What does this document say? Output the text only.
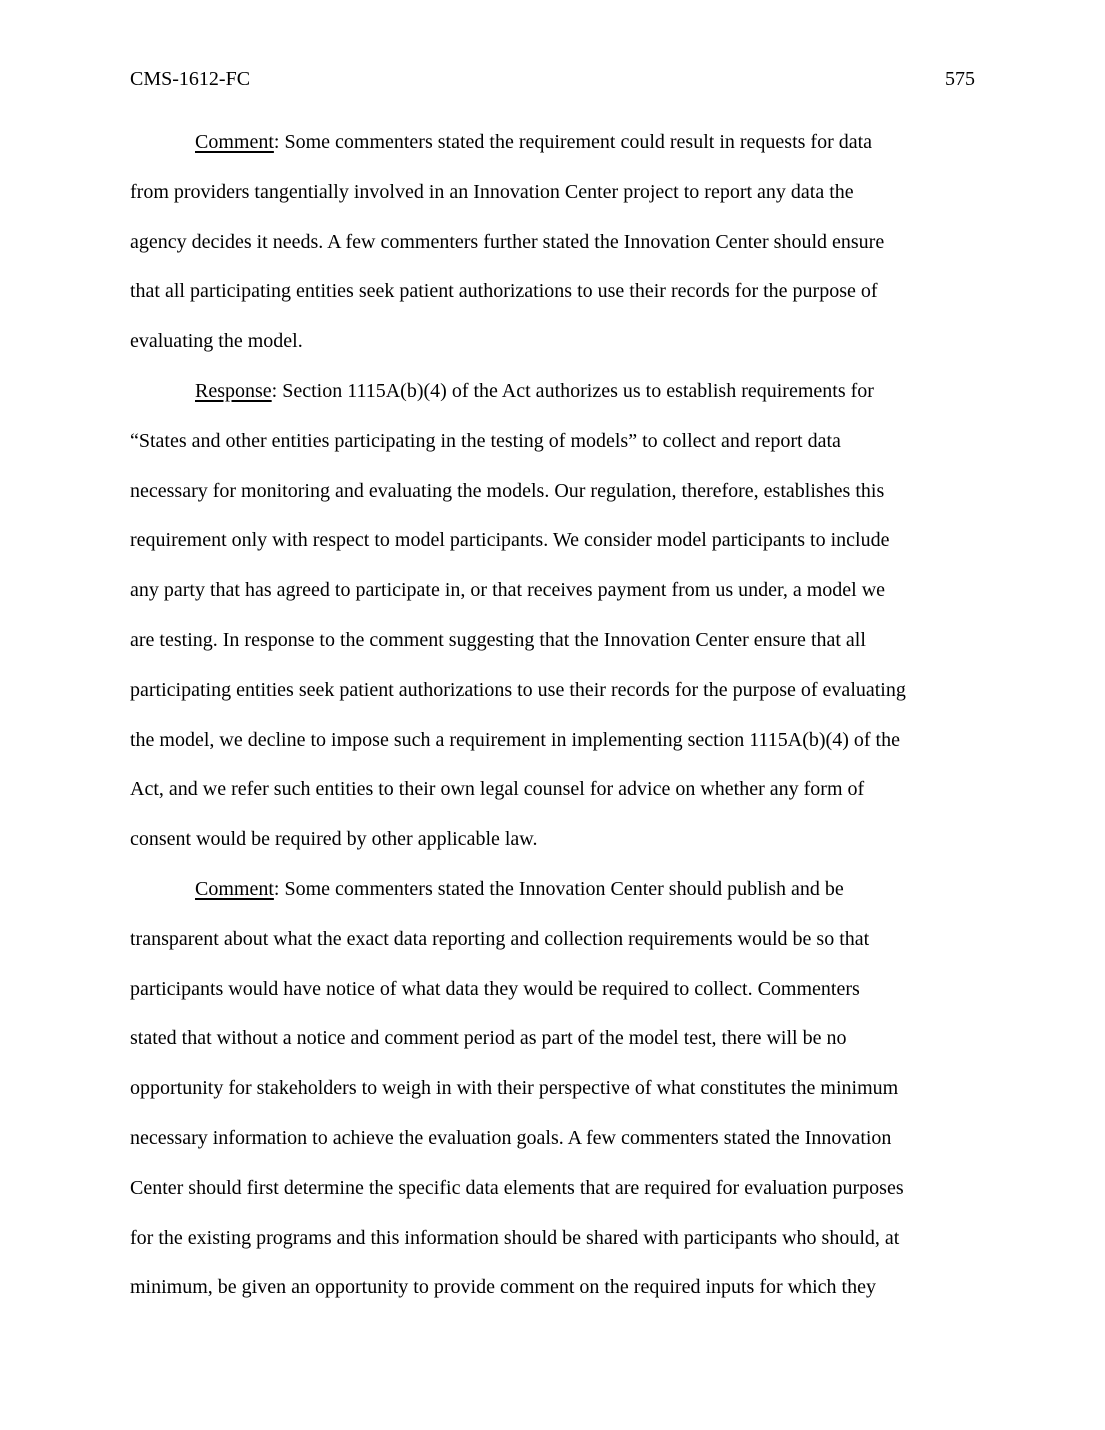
CMS-1612-FC	575

Comment: Some commenters stated the requirement could result in requests for data
from providers tangentially involved in an Innovation Center project to report any data the
agency decides it needs. A few commenters further stated the Innovation Center should ensure
that all participating entities seek patient authorizations to use their records for the purpose of
evaluating the model.

Response: Section 1115A(b)(4) of the Act authorizes us to establish requirements for
“States and other entities participating in the testing of models” to collect and report data
necessary for monitoring and evaluating the models. Our regulation, therefore, establishes this
requirement only with respect to model participants. We consider model participants to include
any party that has agreed to participate in, or that receives payment from us under, a model we
are testing. In response to the comment suggesting that the Innovation Center ensure that all
participating entities seek patient authorizations to use their records for the purpose of evaluating
the model, we decline to impose such a requirement in implementing section 1115A(b)(4) of the
Act, and we refer such entities to their own legal counsel for advice on whether any form of
consent would be required by other applicable law.

Comment: Some commenters stated the Innovation Center should publish and be
transparent about what the exact data reporting and collection requirements would be so that
participants would have notice of what data they would be required to collect. Commenters
stated that without a notice and comment period as part of the model test, there will be no
opportunity for stakeholders to weigh in with their perspective of what constitutes the minimum
necessary information to achieve the evaluation goals. A few commenters stated the Innovation
Center should first determine the specific data elements that are required for evaluation purposes
for the existing programs and this information should be shared with participants who should, at
minimum, be given an opportunity to provide comment on the required inputs for which they
